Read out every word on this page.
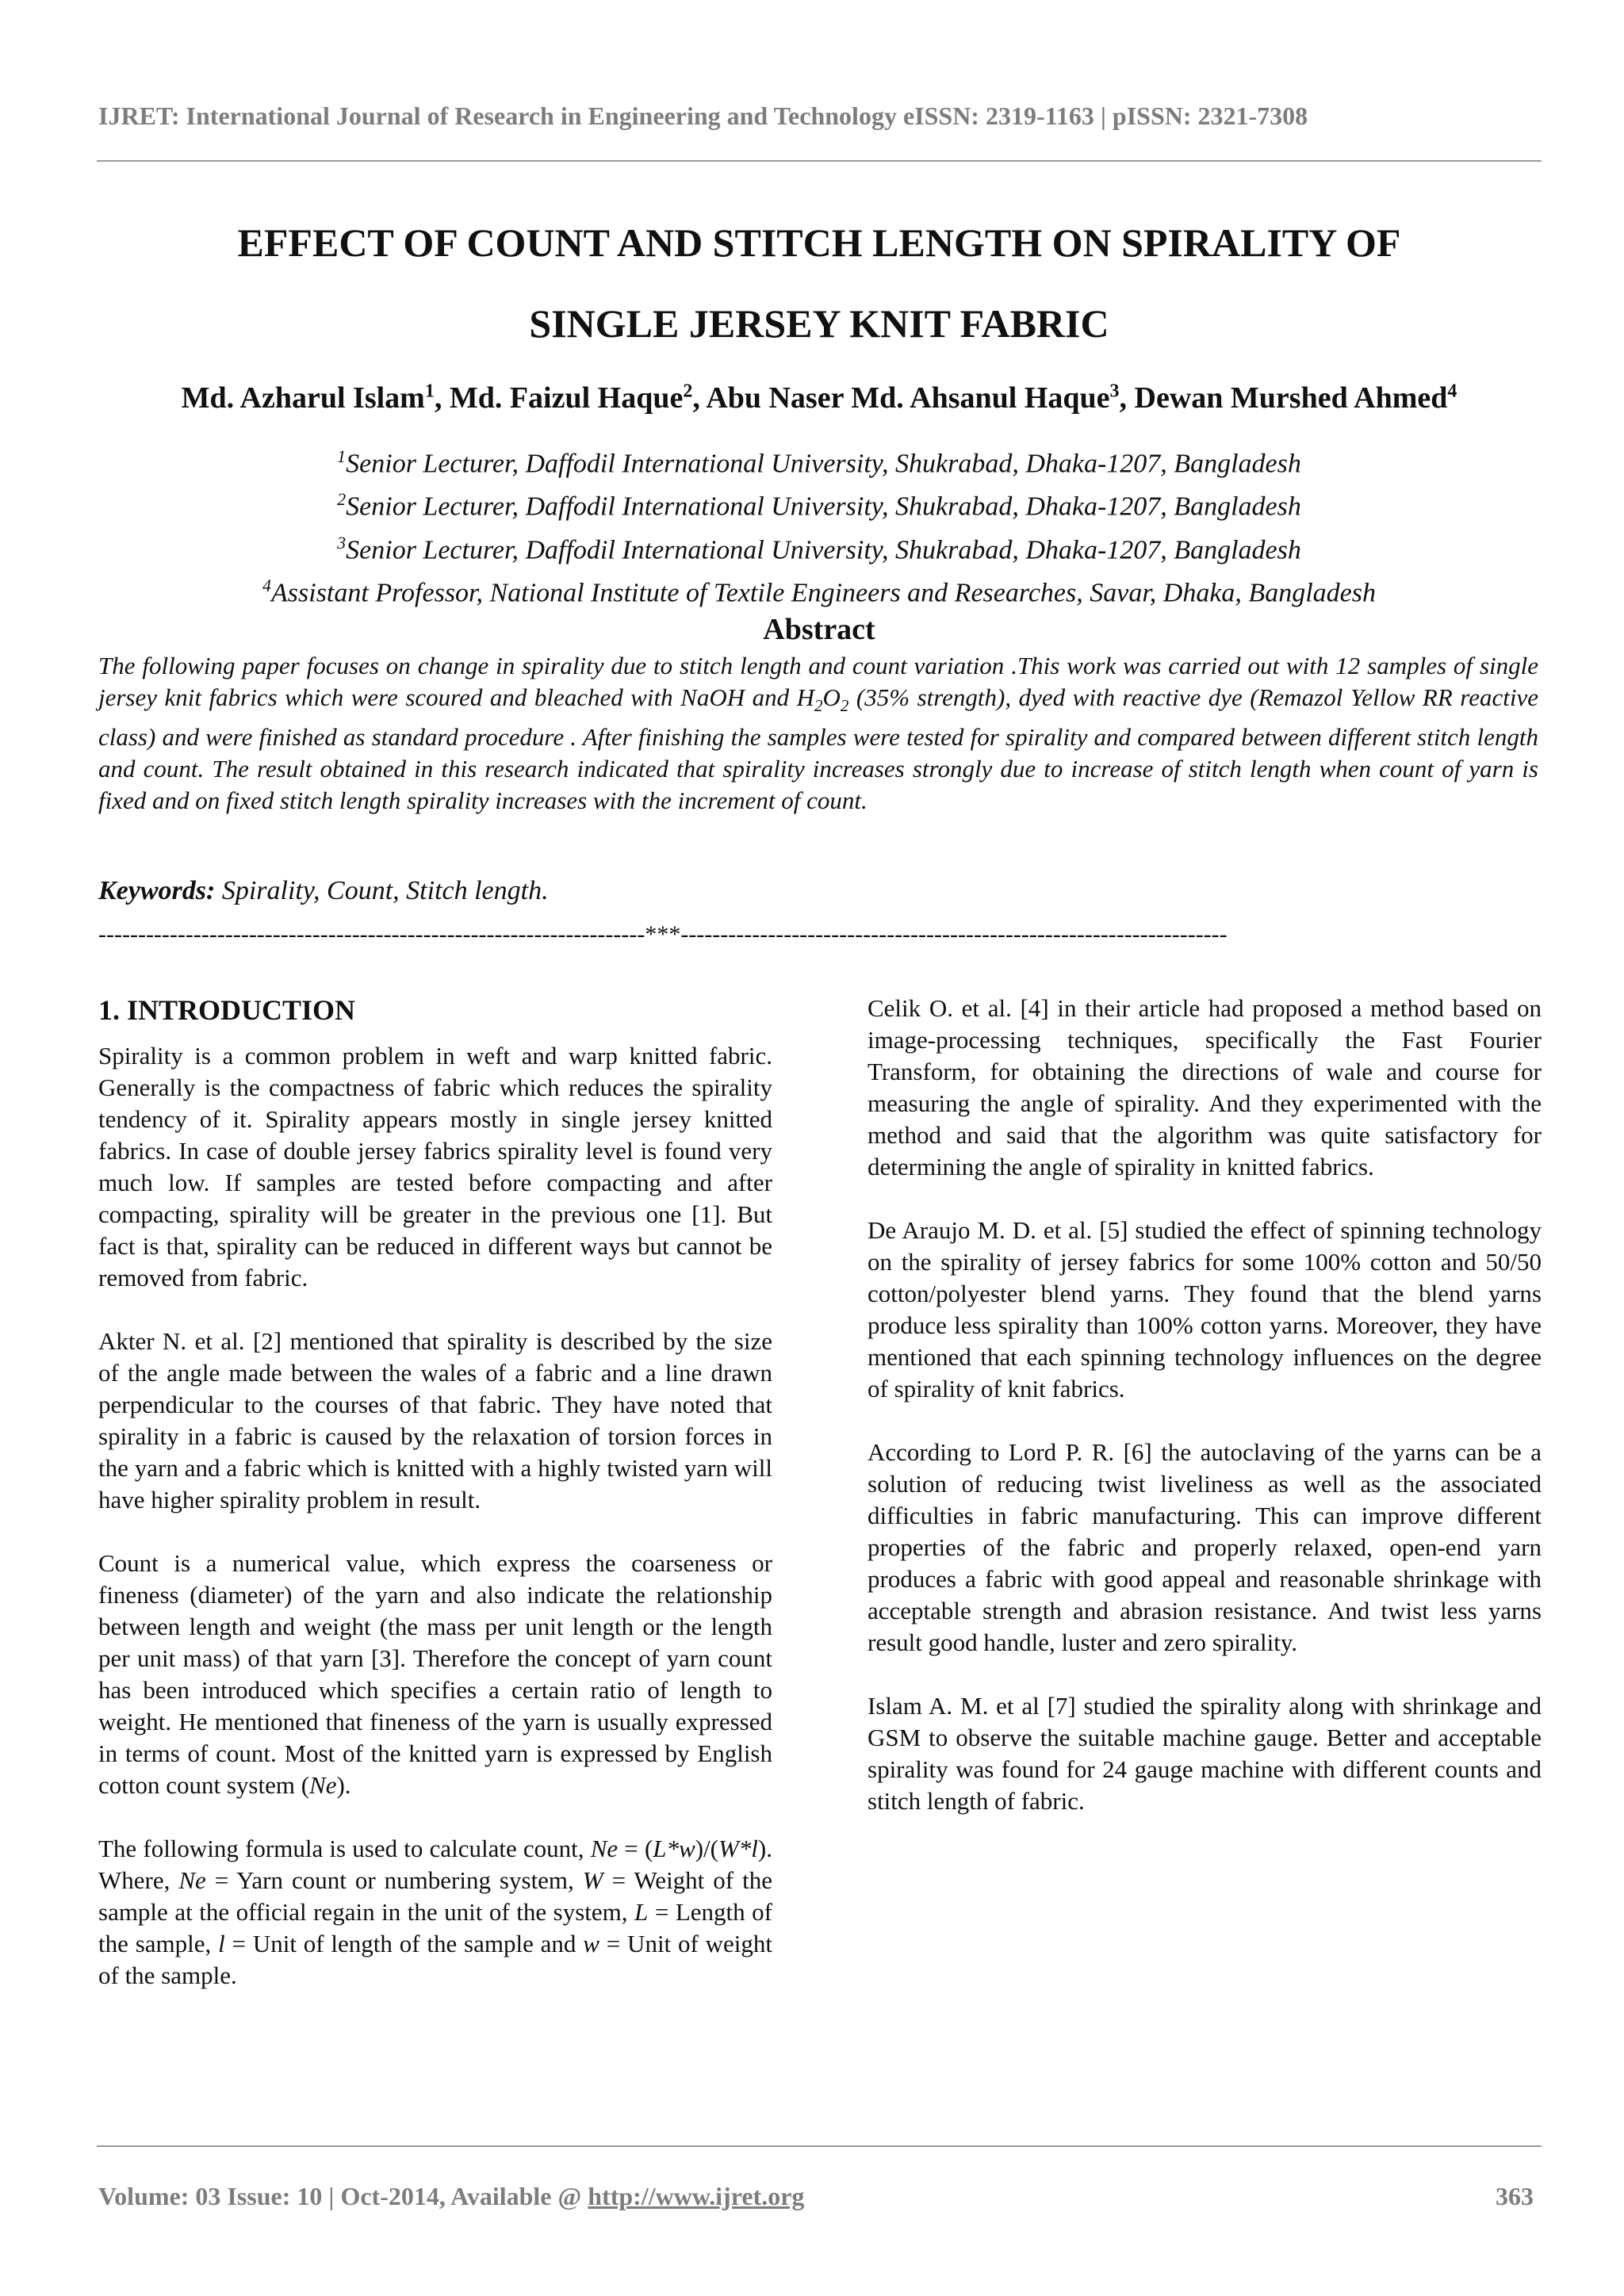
IJRET: International Journal of Research in Engineering and Technology eISSN: 2319-1163 | pISSN: 2321-7308
EFFECT OF COUNT AND STITCH LENGTH ON SPIRALITY OF
SINGLE JERSEY KNIT FABRIC
Md. Azharul Islam$^1$, Md. Faizul Haque$^2$, Abu Naser Md. Ahsanul Haque$^3$, Dewan Murshed Ahmed$^4$
$^1$Senior Lecturer, Daffodil International University, Shukrabad, Dhaka-1207, Bangladesh
$^2$Senior Lecturer, Daffodil International University, Shukrabad, Dhaka-1207, Bangladesh
$^3$Senior Lecturer, Daffodil International University, Shukrabad, Dhaka-1207, Bangladesh
$^4$Assistant Professor, National Institute of Textile Engineers and Researches, Savar, Dhaka, Bangladesh
Abstract
The following paper focuses on change in spirality due to stitch length and count variation .This work was carried out with 12 samples of single jersey knit fabrics which were scoured and bleached with NaOH and $H_2O_2$ (35% strength), dyed with reactive dye (Remazol Yellow RR reactive class) and were finished as standard procedure . After finishing the samples were tested for spirality and compared between different stitch length and count. The result obtained in this research indicated that spirality increases strongly due to increase of stitch length when count of yarn is fixed and on fixed stitch length spirality increases with the increment of count.
Keywords: Spirality, Count, Stitch length.
---------------------------------------------------------------------***---------------------------------------------------------------------
1. INTRODUCTION

Spirality is a common problem in weft and warp knitted fabric. Generally is the compactness of fabric which reduces the spirality tendency of it. Spirality appears mostly in single jersey knitted fabrics. In case of double jersey fabrics spirality level is found very much low. If samples are tested before compacting and after compacting, spirality will be greater in the previous one [1]. But fact is that, spirality can be reduced in different ways but cannot be removed from fabric.

Akter N. et al. [2] mentioned that spirality is described by the size of the angle made between the wales of a fabric and a line drawn perpendicular to the courses of that fabric. They have noted that spirality in a fabric is caused by the relaxation of torsion forces in the yarn and a fabric which is knitted with a highly twisted yarn will have higher spirality problem in result.

Count is a numerical value, which express the coarseness or fineness (diameter) of the yarn and also indicate the relationship between length and weight (the mass per unit length or the length per unit mass) of that yarn [3]. Therefore the concept of yarn count has been introduced which specifies a certain ratio of length to weight. He mentioned that fineness of the yarn is usually expressed in terms of count. Most of the knitted yarn is expressed by English cotton count system (Ne).

The following formula is used to calculate count, Ne = (L*w)/(W*l). Where, Ne = Yarn count or numbering system, W = Weight of the sample at the official regain in the unit of the system, L = Length of the sample, l = Unit of length of the sample and w = Unit of weight of the sample.

Celik O. et al. [4] in their article had proposed a method based on image-processing techniques, specifically the Fast Fourier Transform, for obtaining the directions of wale and course for measuring the angle of spirality. And they experimented with the method and said that the algorithm was quite satisfactory for determining the angle of spirality in knitted fabrics.

De Araujo M. D. et al. [5] studied the effect of spinning technology on the spirality of jersey fabrics for some 100% cotton and 50/50 cotton/polyester blend yarns. They found that the blend yarns produce less spirality than 100% cotton yarns. Moreover, they have mentioned that each spinning technology influences on the degree of spirality of knit fabrics.

According to Lord P. R. [6] the autoclaving of the yarns can be a solution of reducing twist liveliness as well as the associated difficulties in fabric manufacturing. This can improve different properties of the fabric and properly relaxed, open-end yarn produces a fabric with good appeal and reasonable shrinkage with acceptable strength and abrasion resistance. And twist less yarns result good handle, luster and zero spirality.

Islam A. M. et al [7] studied the spirality along with shrinkage and GSM to observe the suitable machine gauge. Better and acceptable spirality was found for 24 gauge machine with different counts and stitch length of fabric.

Volume: 03 Issue: 10 | Oct-2014, Available @ http://www.ijret.org	363
